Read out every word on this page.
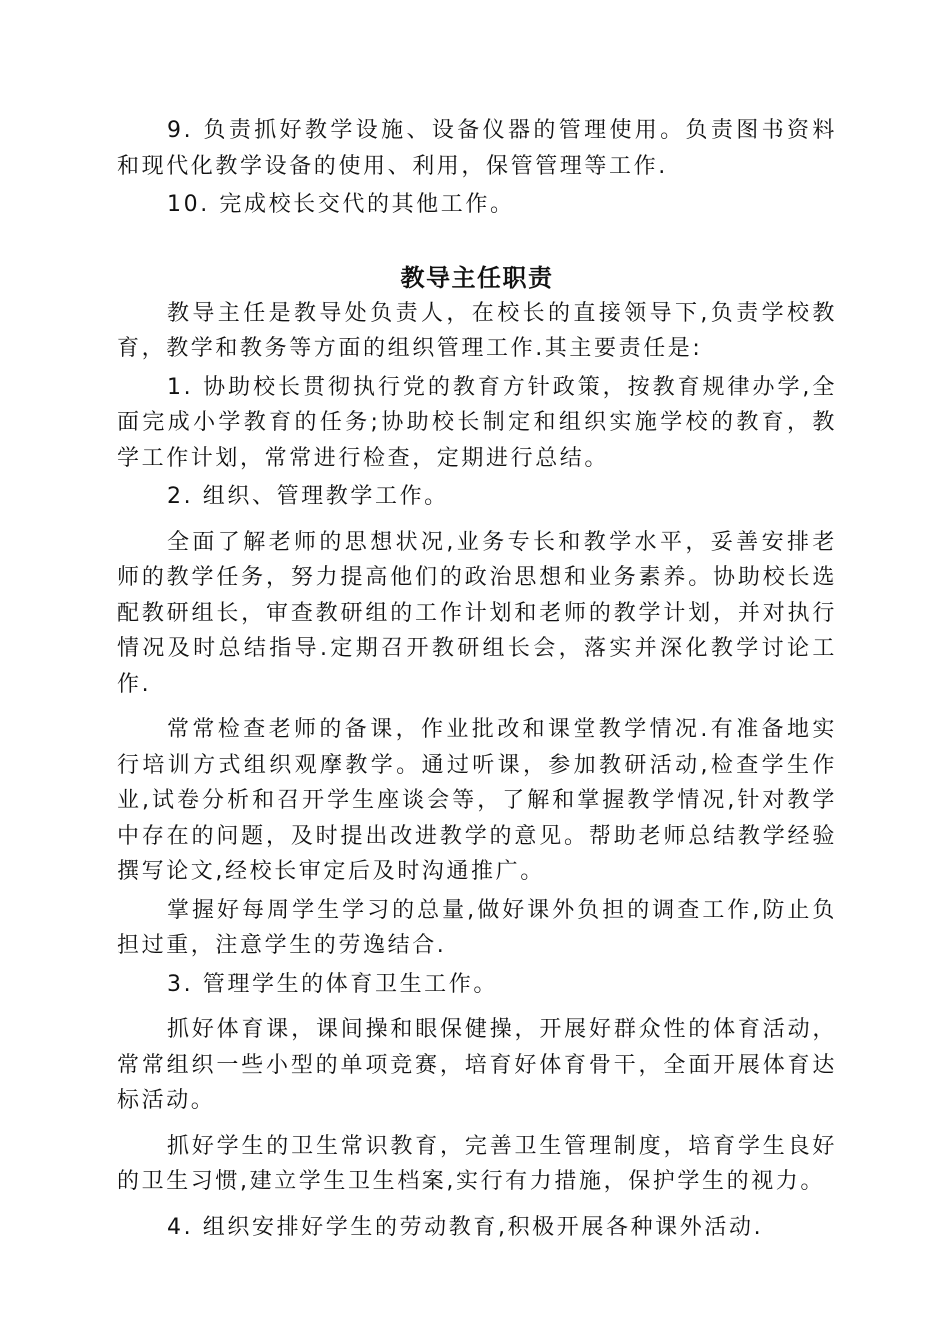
9. 负责抓好教学设施、设备仪器的管理使用。负责图书资料和现代化教学设备的使用、利用，保管管理等工作.

10. 完成校长交代的其他工作。

教导主任职责

教导主任是教导处负责人，在校长的直接领导下,负责学校教育，教学和教务等方面的组织管理工作.其主要责任是:

1. 协助校长贯彻执行党的教育方针政策，按教育规律办学,全面完成小学教育的任务;协助校长制定和组织实施学校的教育，教学工作计划，常常进行检查，定期进行总结。

2. 组织、管理教学工作。

全面了解老师的思想状况,业务专长和教学水平，妥善安排老师的教学任务，努力提高他们的政治思想和业务素养。协助校长选配教研组长，审查教研组的工作计划和老师的教学计划，并对执行情况及时总结指导.定期召开教研组长会，落实并深化教学讨论工作.

常常检查老师的备课，作业批改和课堂教学情况.有准备地实行培训方式组织观摩教学。通过听课，参加教研活动,检查学生作业,试卷分析和召开学生座谈会等，了解和掌握教学情况,针对教学中存在的问题，及时提出改进教学的意见。帮助老师总结教学经验撰写论文,经校长审定后及时沟通推广。

掌握好每周学生学习的总量,做好课外负担的调查工作,防止负担过重，注意学生的劳逸结合.

3. 管理学生的体育卫生工作。

抓好体育课，课间操和眼保健操，开展好群众性的体育活动，常常组织一些小型的单项竞赛，培育好体育骨干，全面开展体育达标活动。

抓好学生的卫生常识教育，完善卫生管理制度，培育学生良好的卫生习惯,建立学生卫生档案,实行有力措施，保护学生的视力。

4. 组织安排好学生的劳动教育,积极开展各种课外活动.
